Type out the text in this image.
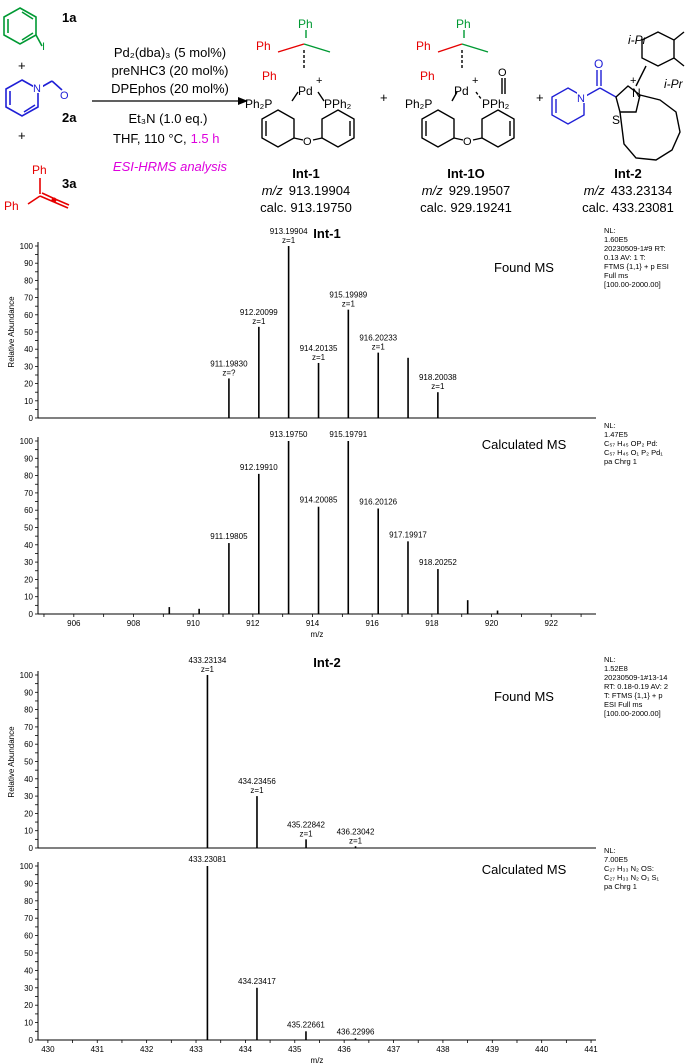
I
1a
+
N
O
2a
+
Ph
Ph
3a
Pd₂(dba)₃ (5 mol%)
preNHC3 (20 mol%)
DPEphos (20 mol%)
Et₃N (1.0 eq.)
THF, 110 °C, 1.5 h
ESI-HRMS analysis
Ph
Ph
Ph
Pd
+
Ph₂P	PPh₂
O
Int-1
m/z 913.19904
calc. 913.19750
+
Ph
Ph
Ph
Pd
+
O
Ph₂P	PPh₂
O
Int-1O
m/z 929.19507
calc. 929.19241
+	N
O
N
+
S
i-Pr
i-Pr
Int-2
m/z 433.23134
calc. 433.23081
0
10
20
30
40
50
60
70
80
90
100
Relative Abundance	911.19830
z=?
912.20099
z=1
913.19904
z=1
914.20135
z=1
915.19989
z=1
916.20233
z=1
918.20038
z=1
Int-1
Found MS
NL:
1.60E5
20230509-1#9 RT:
0.13 AV: 1 T:
FTMS {1,1} + p ESI
Full ms
[100.00-2000.00]
0
10
20
30
40
50
60
70
80
90
100
906	908	910	912	914	916	918	920	922
m/z
911.19805
912.19910
913.19750
914.20085
915.19791
916.20126
917.19917
918.20252
Calculated MS
NL:
1.47E5
C₅₇ H₄₅ OP₂ Pd:
C₅₇ H₄₅ O₁ P₂ Pd₁
pa Chrg 1
0
10
20
30
40
50
60
70
80
90
100
Relative Abundance
433.23134
z=1
434.23456
z=1
435.22842
z=1	436.23042
z=1
Int-2
Found MS
NL:
1.52E8
20230509-1#13-14
RT: 0.18-0.19 AV: 2
T: FTMS {1,1} + p
ESI Full ms
[100.00-2000.00]
0
10
20
30
40
50
60
70
80
90
100
430	431	432	433	434	435	436	437	438	439	440	441
m/z
433.23081
434.23417
435.22661
436.22996
Calculated MS
NL:
7.00E5
C₂₇ H₃₃ N₂ OS:
C₂₇ H₃₃ N₂ O₁ S₁
pa Chrg 1
